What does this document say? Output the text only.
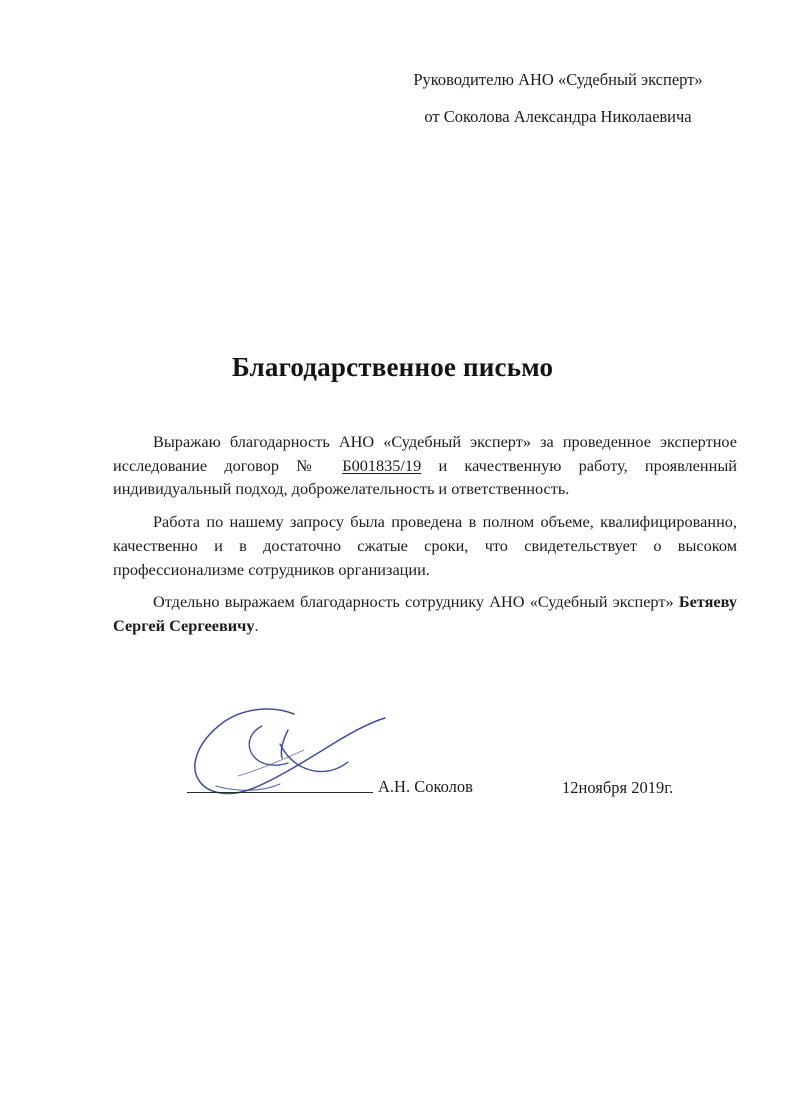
Руководителю АНО «Судебный эксперт»
от Соколова Александра Николаевича
Благодарственное письмо

Выражаю благодарность АНО «Судебный эксперт» за проведенное экспертное исследование договор № Б001835/19 и качественную работу, проявленный индивидуальный подход, доброжелательность и ответственность.

Работа по нашему запросу была проведена в полном объеме, квалифицированно, качественно и в достаточно сжатые сроки, что свидетельствует о высоком профессионализме сотрудников организации.

Отдельно выражаем благодарность сотруднику АНО «Судебный эксперт» Бетяеву Сергей Сергеевичу.

А.Н. Соколов	12ноября 2019г.
